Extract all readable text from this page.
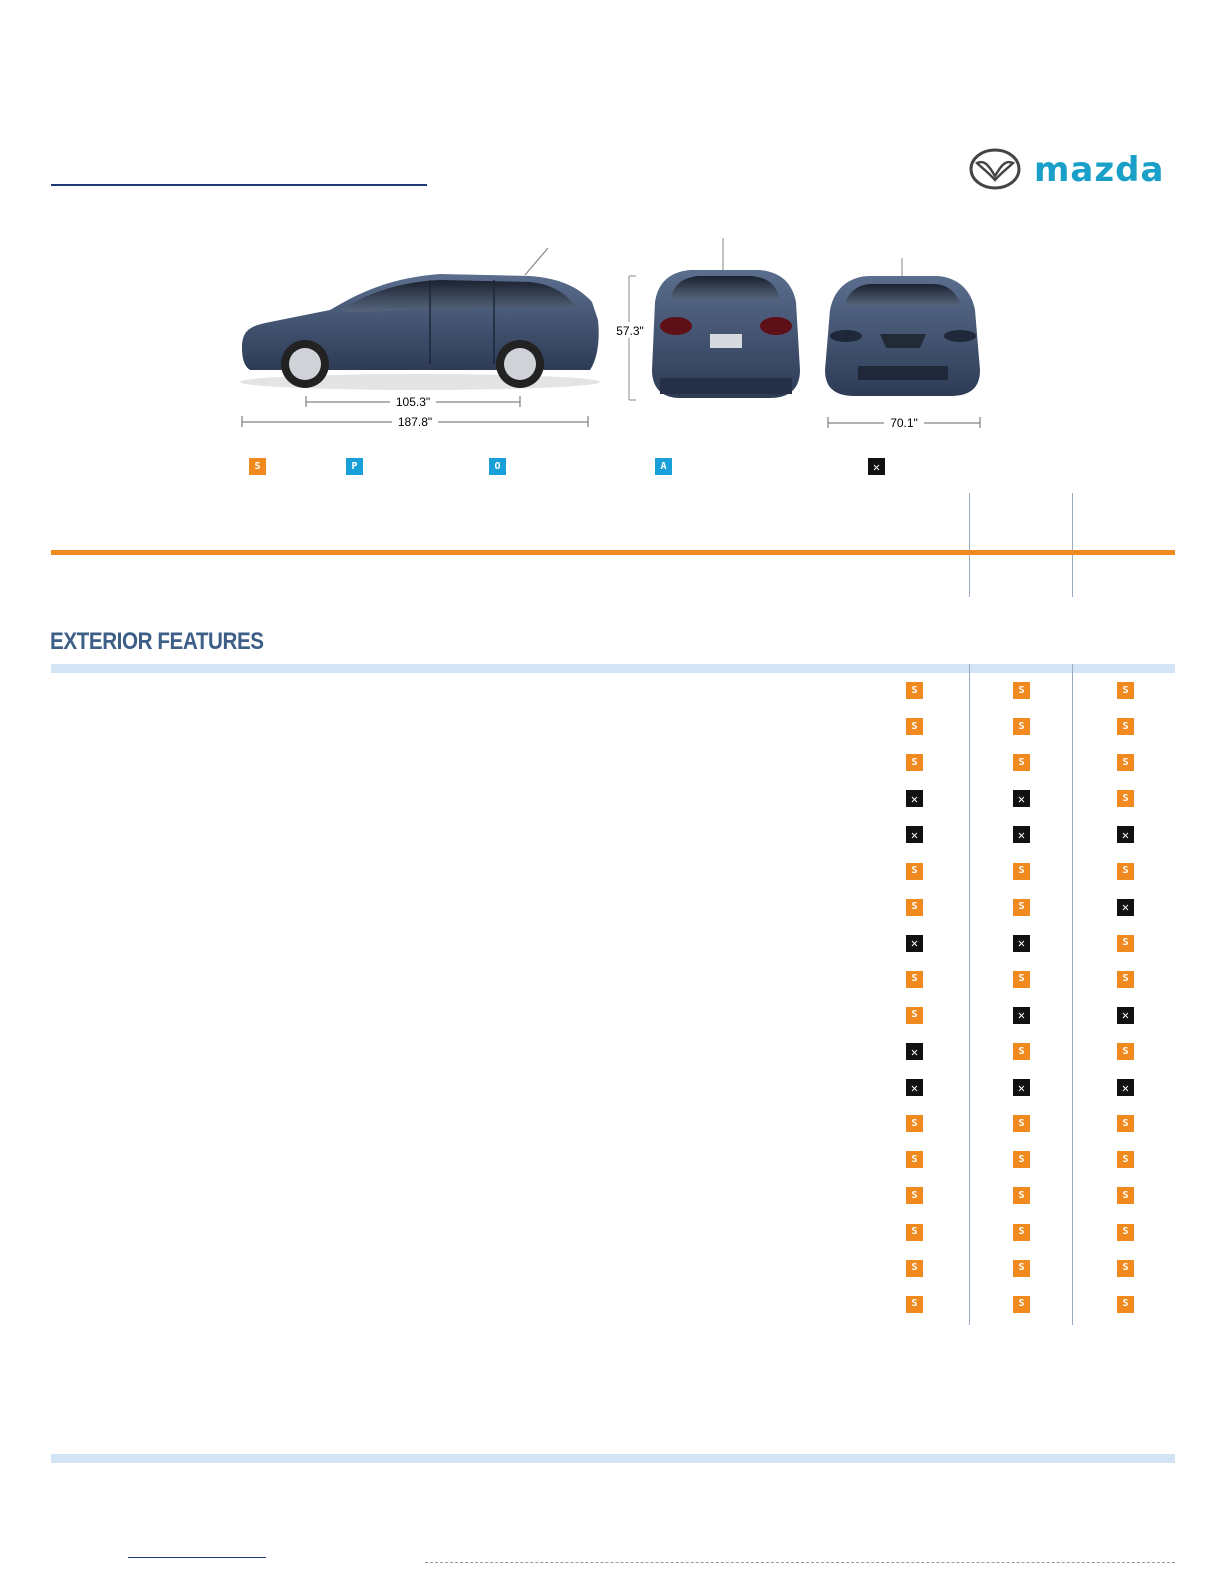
mazda
105.3"
187.8"
57.3"
70.1"
S	P	O	A	✕
EXTERIOR FEATURES
S	S	S
S	S	S
S	S	S
✕	✕	S
✕	✕	✕
S	S	S
S	S	✕
✕	✕	S
S	S	S
S	✕	✕
✕	S	S
✕	✕	✕
S	S	S
S	S	S
S	S	S
S	S	S
S	S	S
S	S	S
